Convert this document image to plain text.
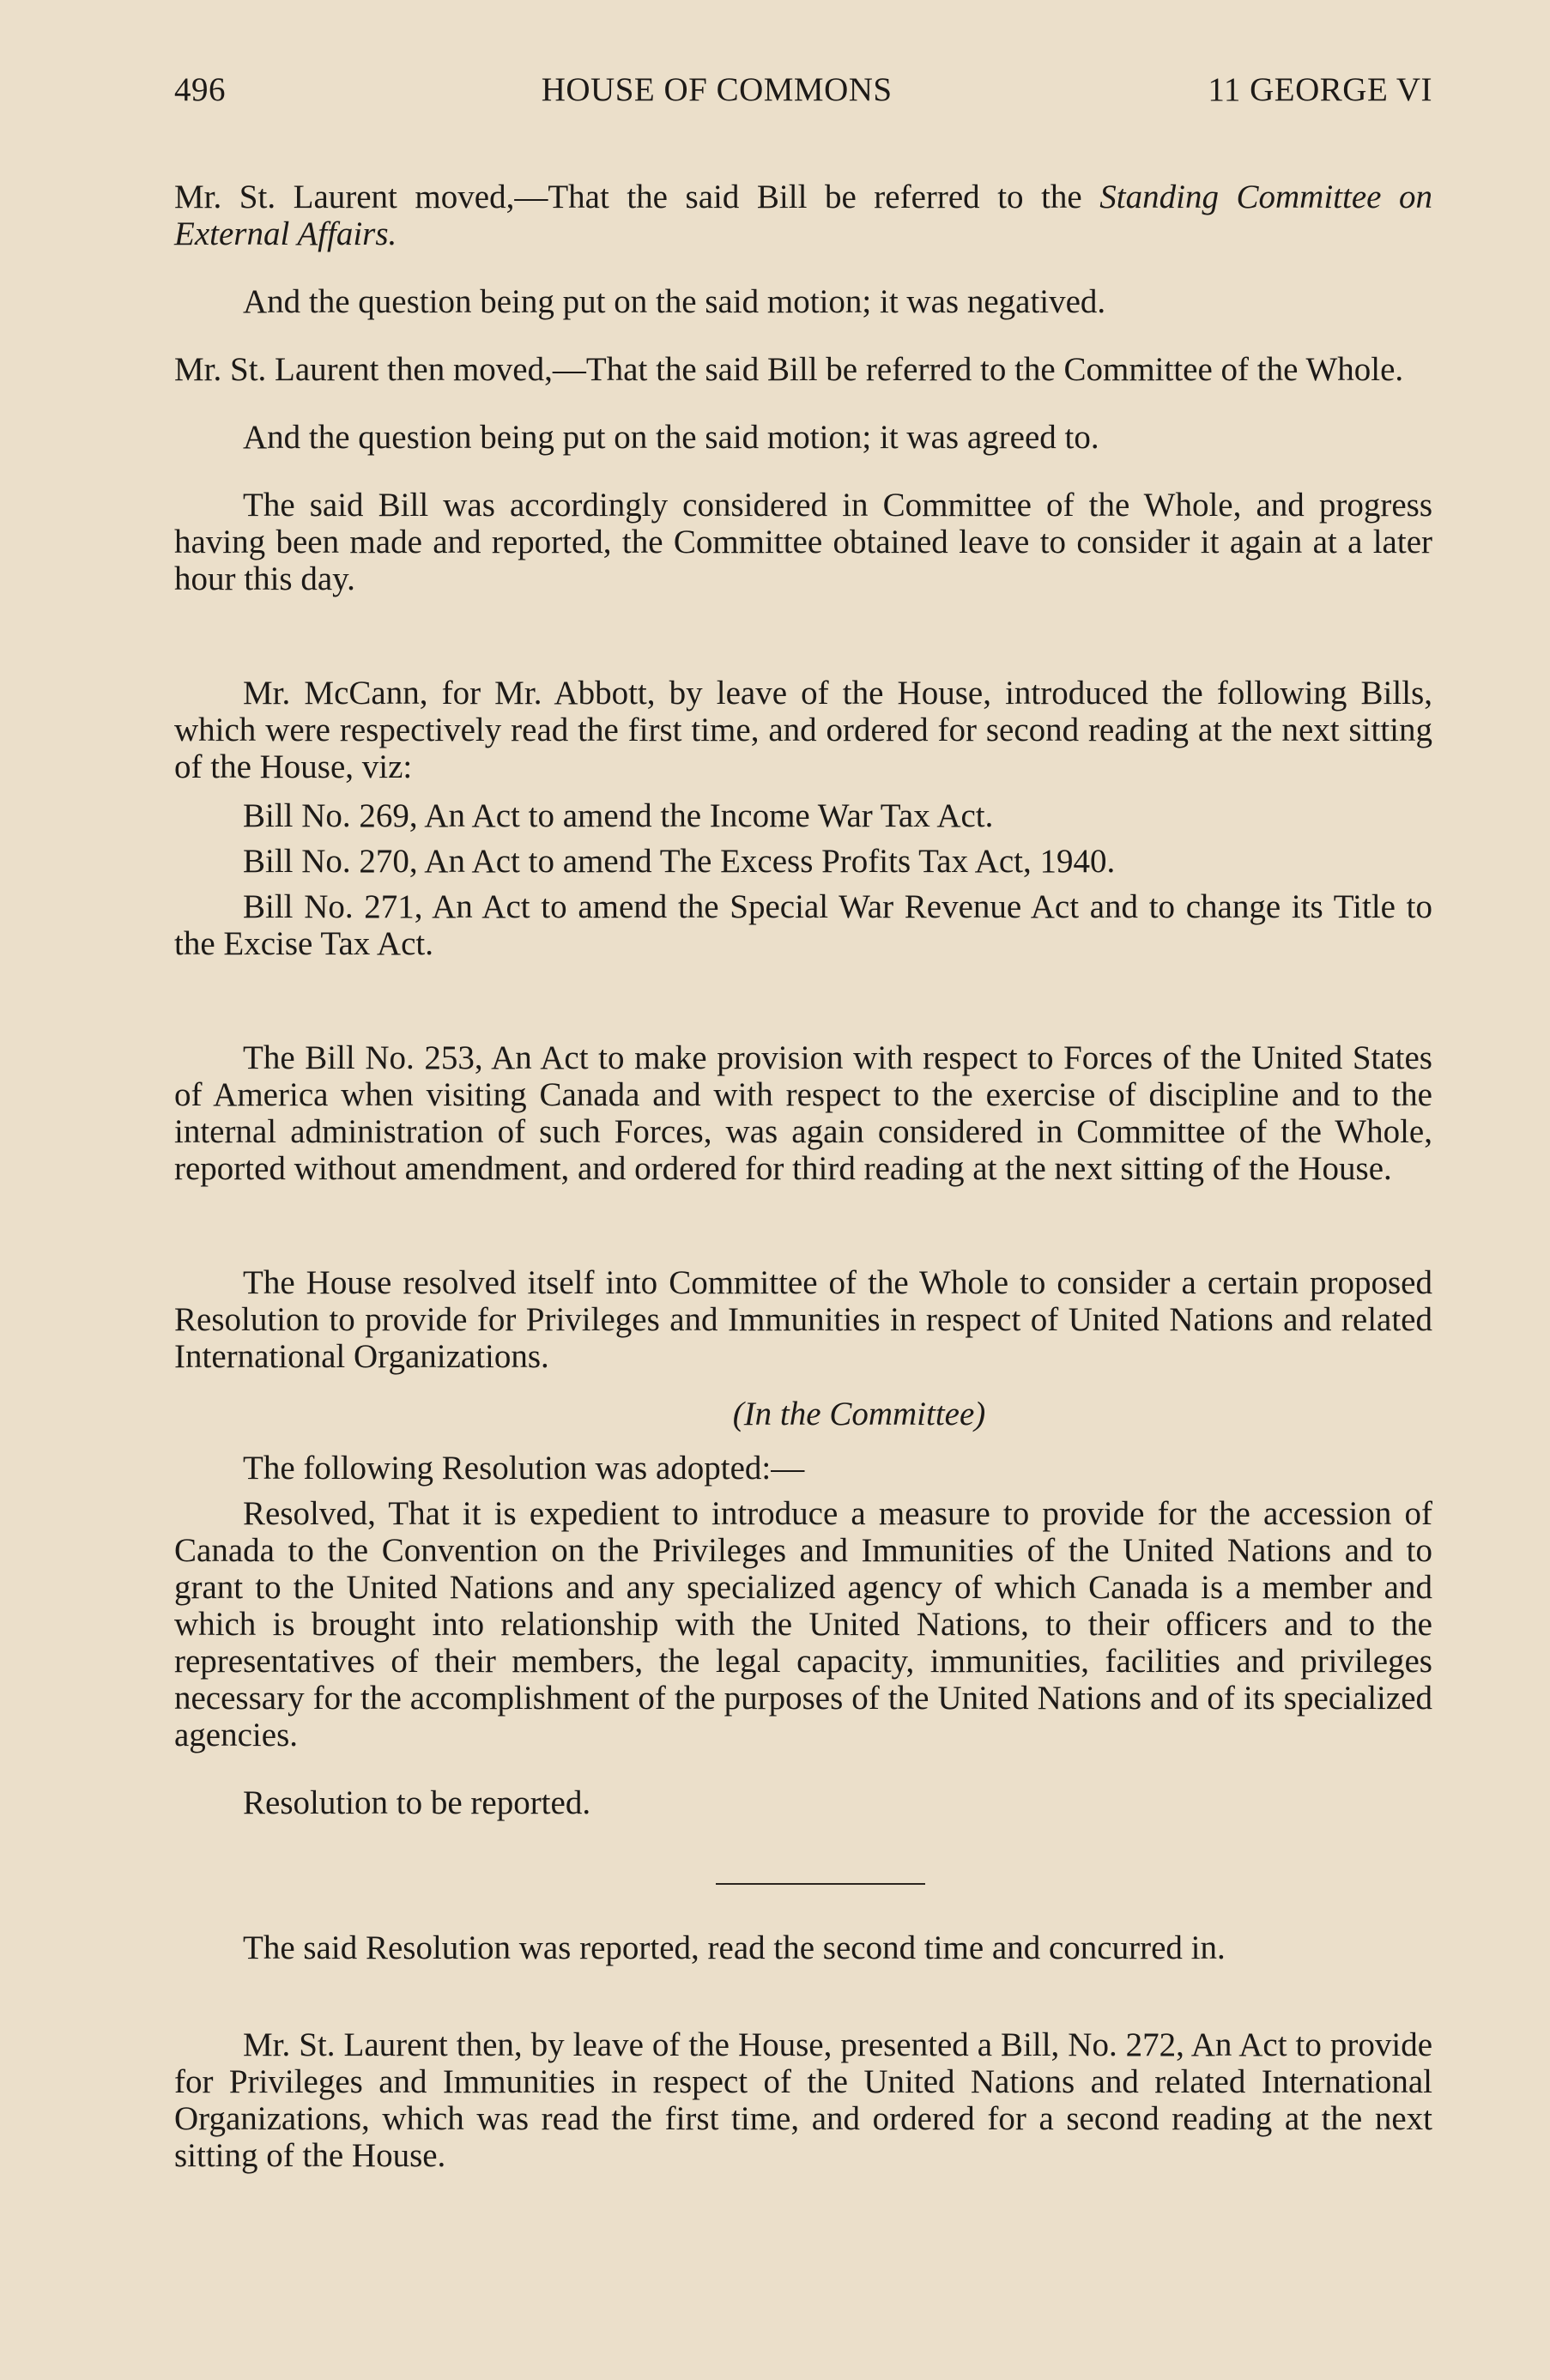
496	HOUSE OF COMMONS	11 GEORGE VI

Mr. St. Laurent moved,—That the said Bill be referred to the Standing Committee on External Affairs.

And the question being put on the said motion; it was negatived.

Mr. St. Laurent then moved,—That the said Bill be referred to the Committee of the Whole.

And the question being put on the said motion; it was agreed to.

The said Bill was accordingly considered in Committee of the Whole, and progress having been made and reported, the Committee obtained leave to consider it again at a later hour this day.

Mr. McCann, for Mr. Abbott, by leave of the House, introduced the following Bills, which were respectively read the first time, and ordered for second reading at the next sitting of the House, viz:

Bill No. 269, An Act to amend the Income War Tax Act.
Bill No. 270, An Act to amend The Excess Profits Tax Act, 1940.
Bill No. 271, An Act to amend the Special War Revenue Act and to change its Title to the Excise Tax Act.

The Bill No. 253, An Act to make provision with respect to Forces of the United States of America when visiting Canada and with respect to the exercise of discipline and to the internal administration of such Forces, was again considered in Committee of the Whole, reported without amendment, and ordered for third reading at the next sitting of the House.

The House resolved itself into Committee of the Whole to consider a certain proposed Resolution to provide for Privileges and Immunities in respect of United Nations and related International Organizations.

(In the Committee)

The following Resolution was adopted:—

Resolved, That it is expedient to introduce a measure to provide for the accession of Canada to the Convention on the Privileges and Immunities of the United Nations and to grant to the United Nations and any specialized agency of which Canada is a member and which is brought into relationship with the United Nations, to their officers and to the representatives of their members, the legal capacity, immunities, facilities and privileges necessary for the accomplishment of the purposes of the United Nations and of its specialized agencies.

Resolution to be reported.

The said Resolution was reported, read the second time and concurred in.

Mr. St. Laurent then, by leave of the House, presented a Bill, No. 272, An Act to provide for Privileges and Immunities in respect of the United Nations and related International Organizations, which was read the first time, and ordered for a second reading at the next sitting of the House.
